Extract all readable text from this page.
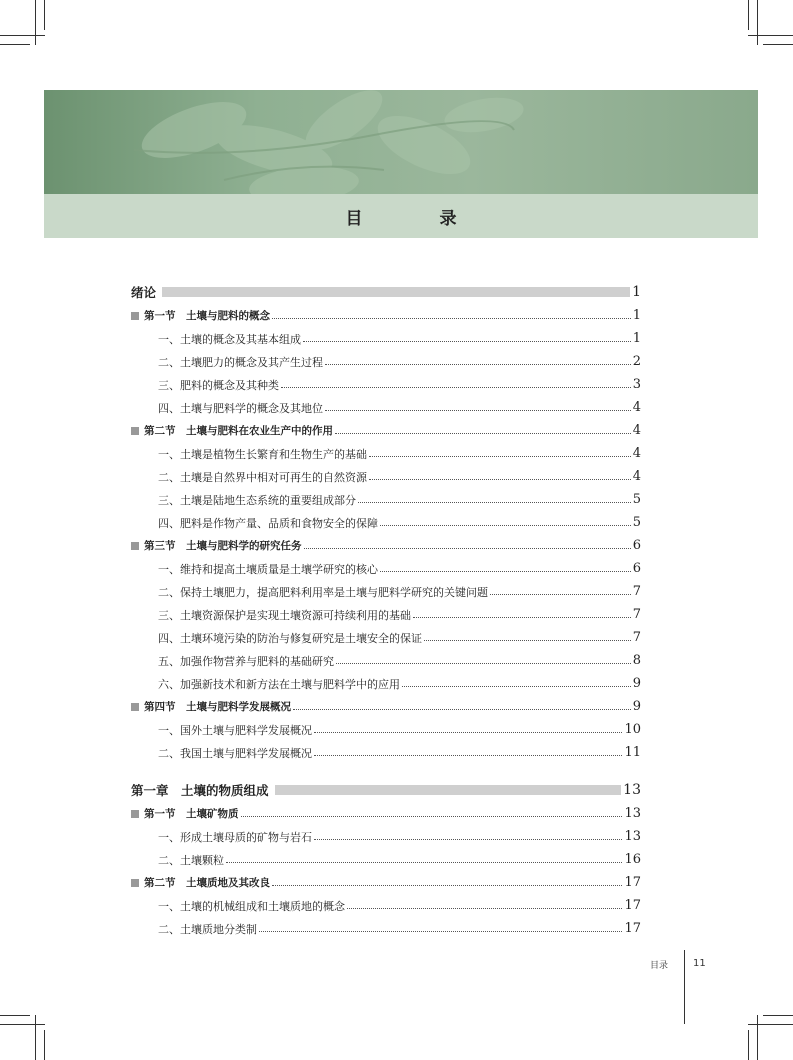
目　录
绪论	1
第一节　土壤与肥料的概念	1
一、土壤的概念及其基本组成	1
二、土壤肥力的概念及其产生过程	2
三、肥料的概念及其种类	3
四、土壤与肥料学的概念及其地位	4
第二节　土壤与肥料在农业生产中的作用	4
一、土壤是植物生长繁育和生物生产的基础	4
二、土壤是自然界中相对可再生的自然资源	4
三、土壤是陆地生态系统的重要组成部分	5
四、肥料是作物产量、品质和食物安全的保障	5
第三节　土壤与肥料学的研究任务	6
一、维持和提高土壤质量是土壤学研究的核心	6
二、保持土壤肥力，提高肥料利用率是土壤与肥料学研究的关键问题	7
三、土壤资源保护是实现土壤资源可持续利用的基础	7
四、土壤环境污染的防治与修复研究是土壤安全的保证	7
五、加强作物营养与肥料的基础研究	8
六、加强新技术和新方法在土壤与肥料学中的应用	9
第四节　土壤与肥料学发展概况	9
一、国外土壤与肥料学发展概况	10
二、我国土壤与肥料学发展概况	11
第一章　土壤的物质组成	13
第一节　土壤矿物质	13
一、形成土壤母质的矿物与岩石	13
二、土壤颗粒	16
第二节　土壤质地及其改良	17
一、土壤的机械组成和土壤质地的概念	17
二、土壤质地分类制	17
目录 11
